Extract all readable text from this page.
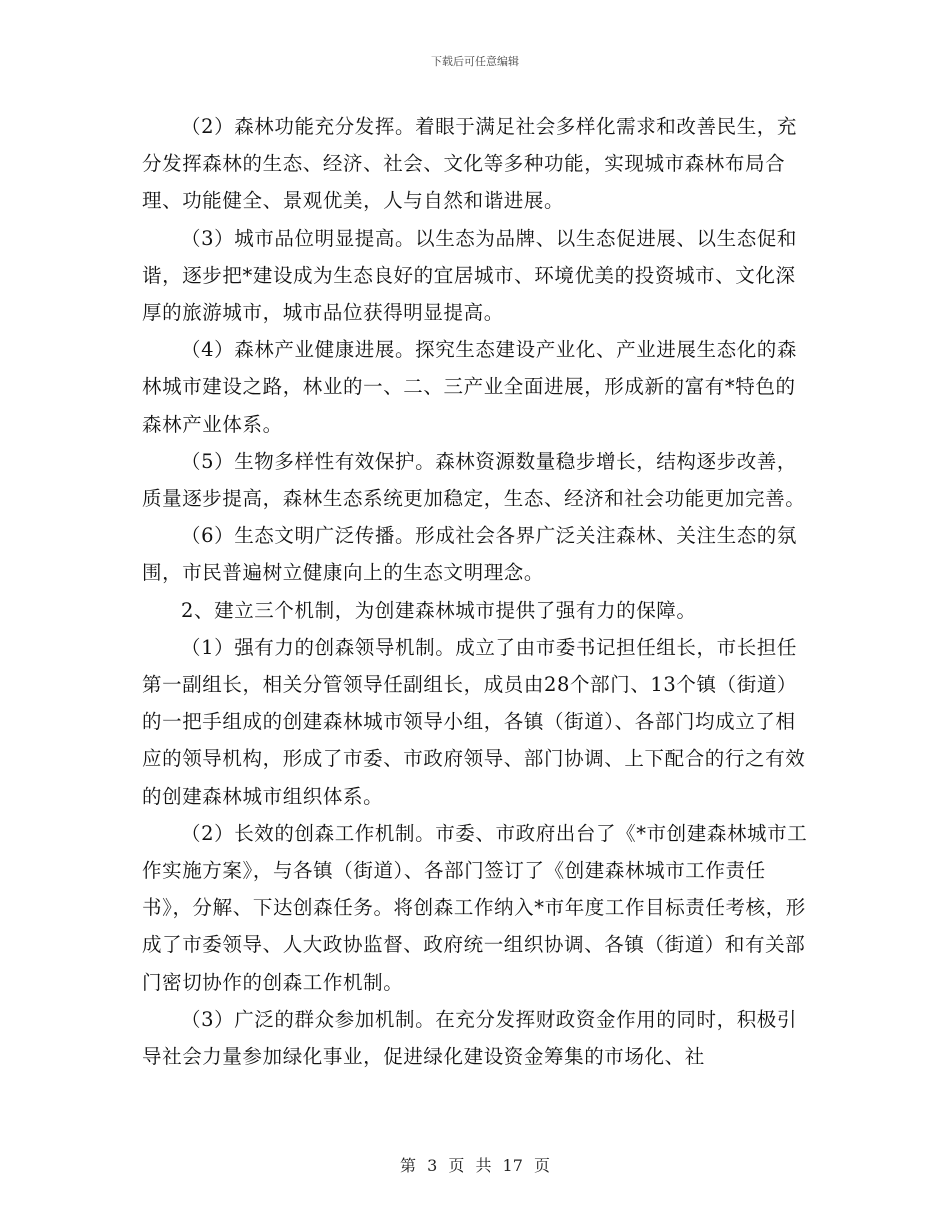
下载后可任意编辑

（2）森林功能充分发挥。着眼于满足社会多样化需求和改善民生，充分发挥森林的生态、经济、社会、文化等多种功能，实现城市森林布局合理、功能健全、景观优美，人与自然和谐进展。

（3）城市品位明显提高。以生态为品牌、以生态促进展、以生态促和谐，逐步把*建设成为生态良好的宜居城市、环境优美的投资城市、文化深厚的旅游城市，城市品位获得明显提高。

（4）森林产业健康进展。探究生态建设产业化、产业进展生态化的森林城市建设之路，林业的一、二、三产业全面进展，形成新的富有*特色的森林产业体系。

（5）生物多样性有效保护。森林资源数量稳步增长，结构逐步改善，质量逐步提高，森林生态系统更加稳定，生态、经济和社会功能更加完善。

（6）生态文明广泛传播。形成社会各界广泛关注森林、关注生态的氛围，市民普遍树立健康向上的生态文明理念。

2、建立三个机制，为创建森林城市提供了强有力的保障。

（1）强有力的创森领导机制。成立了由市委书记担任组长，市长担任第一副组长，相关分管领导任副组长，成员由28个部门、13个镇（街道）的一把手组成的创建森林城市领导小组，各镇（街道）、各部门均成立了相应的领导机构，形成了市委、市政府领导、部门协调、上下配合的行之有效的创建森林城市组织体系。

（2）长效的创森工作机制。市委、市政府出台了《*市创建森林城市工作实施方案》，与各镇（街道）、各部门签订了《创建森林城市工作责任书》，分解、下达创森任务。将创森工作纳入*市年度工作目标责任考核，形成了市委领导、人大政协监督、政府统一组织协调、各镇（街道）和有关部门密切协作的创森工作机制。

（3）广泛的群众参加机制。在充分发挥财政资金作用的同时，积极引导社会力量参加绿化事业，促进绿化建设资金筹集的市场化、社

第 3 页 共 17 页
